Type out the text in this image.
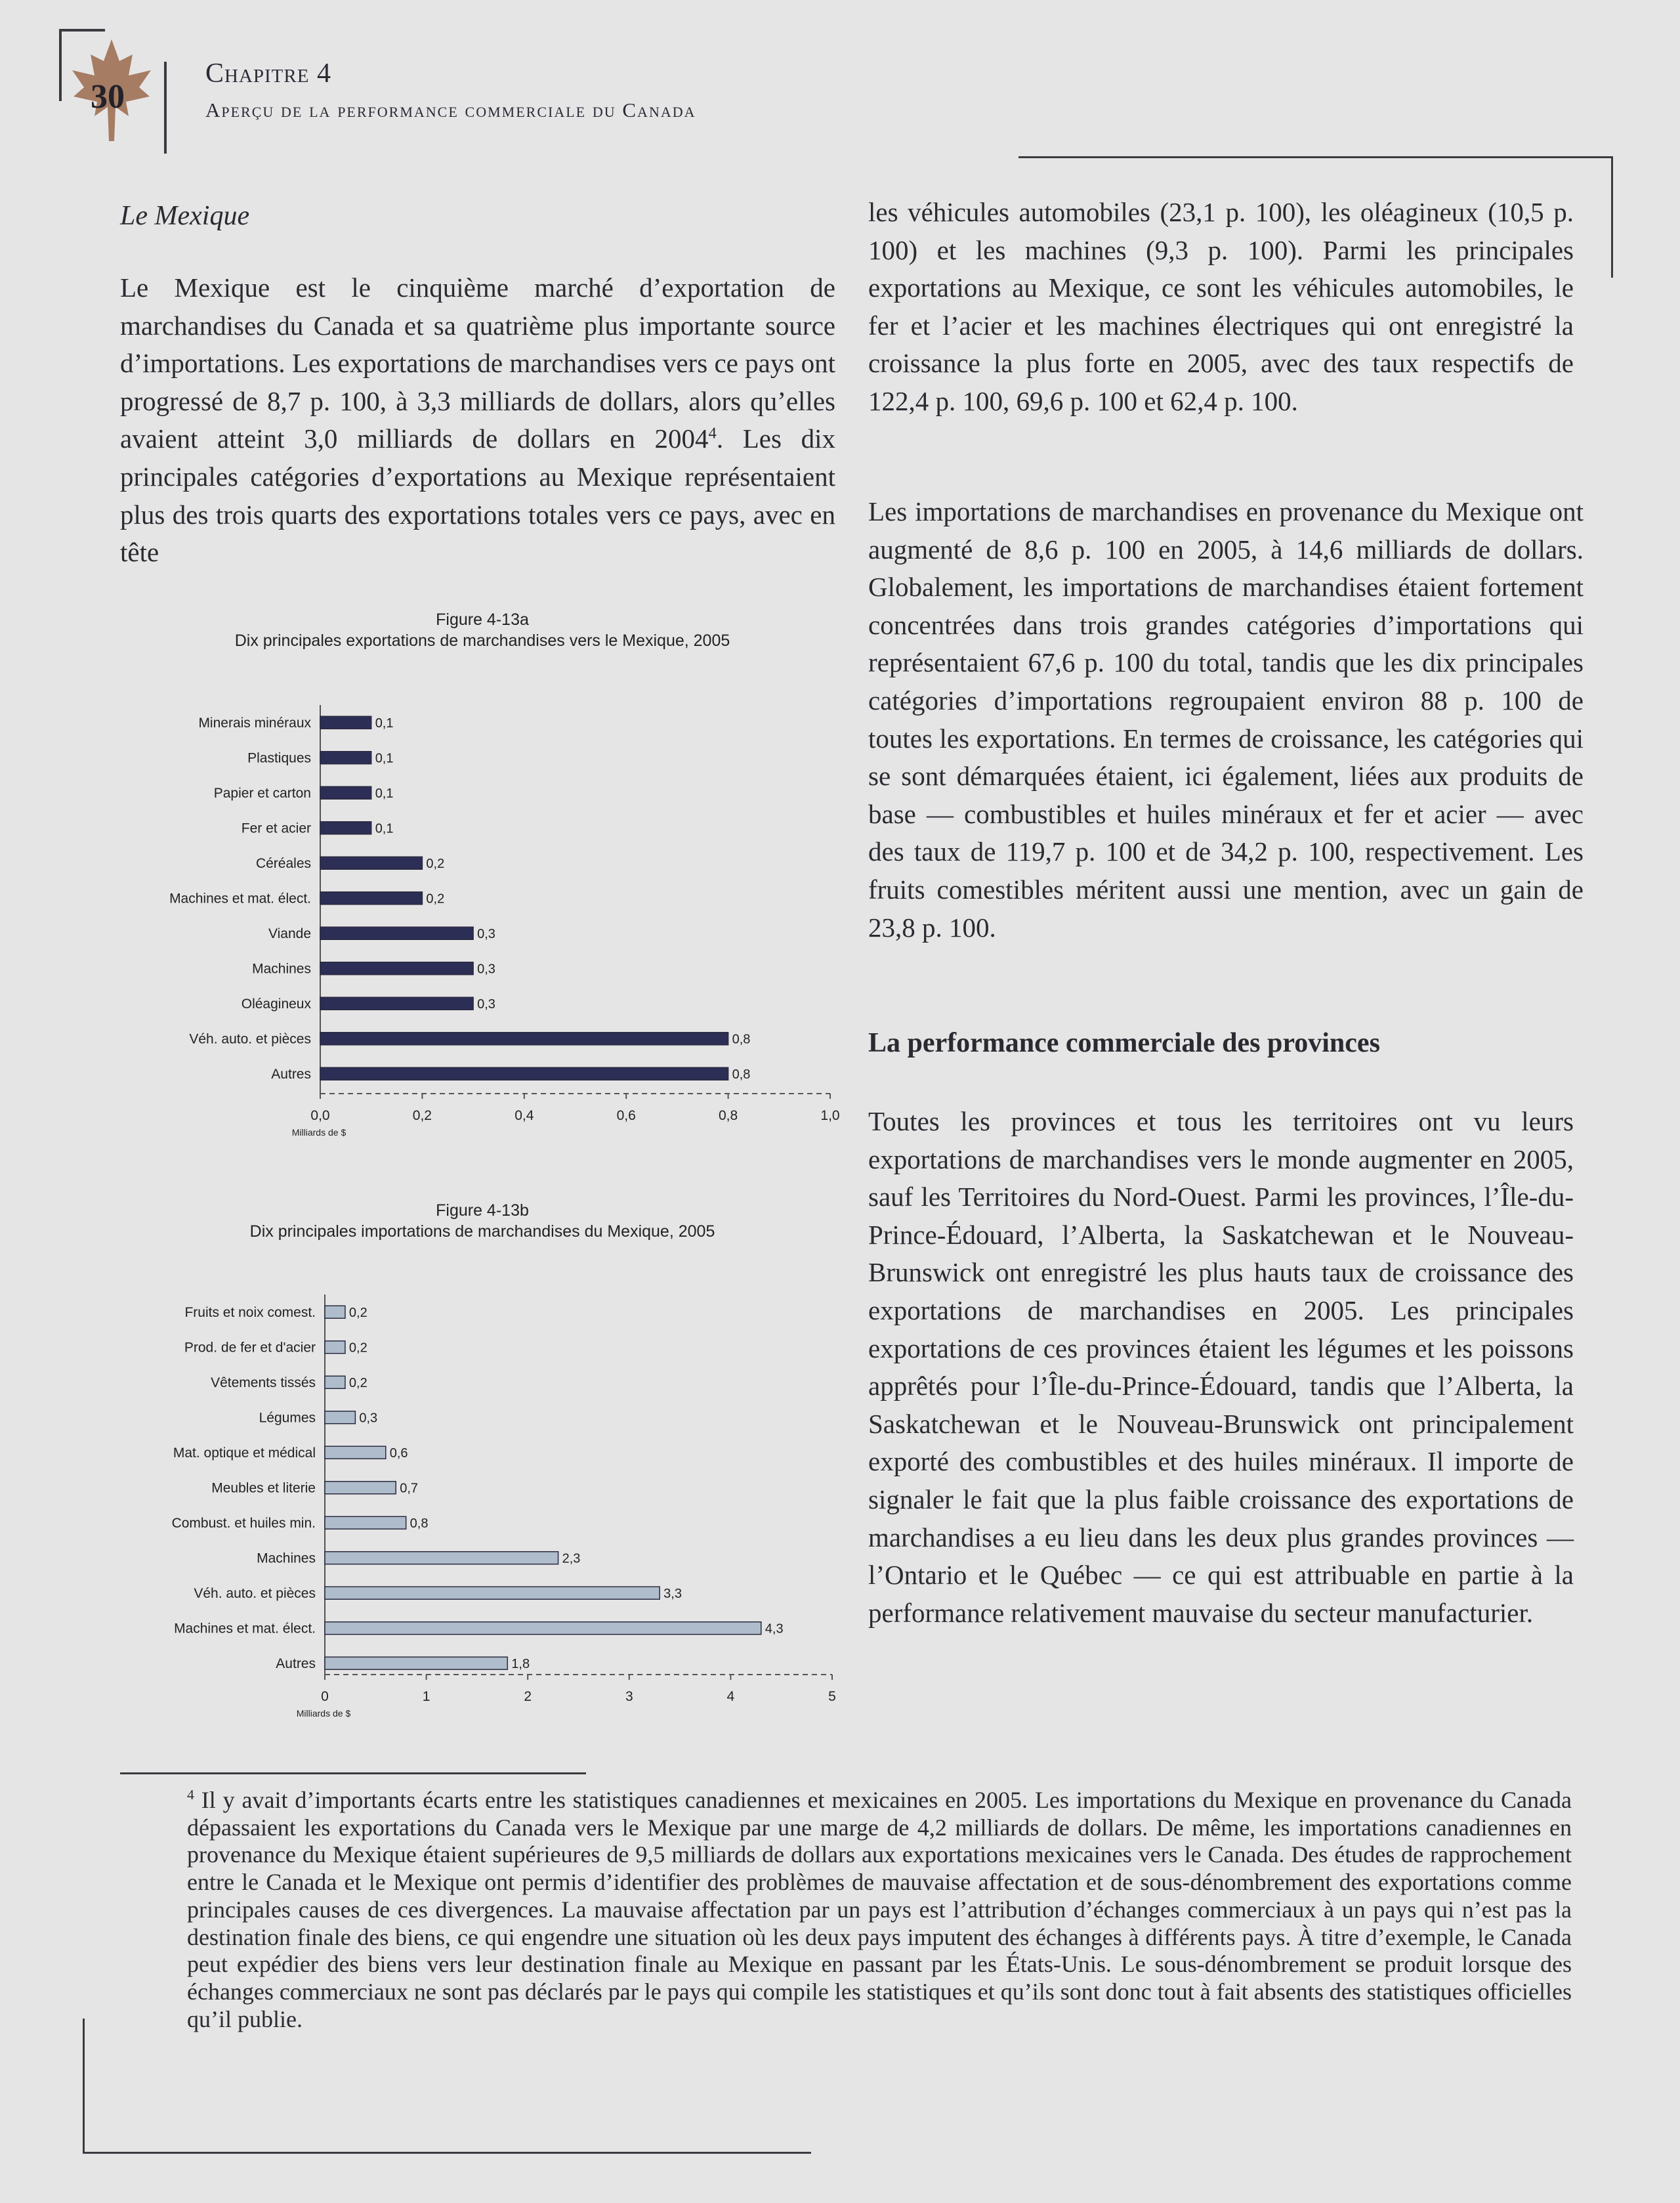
30
Chapitre 4
Aperçu de la performance commerciale du Canada
Le Mexique
Le Mexique est le cinquième marché d’exportation de marchandises du Canada et sa quatrième plus importante source d’importations. Les exportations de marchandises vers ce pays ont progressé de 8,7 p. 100, à 3,3 milliards de dollars, alors qu’elles avaient atteint 3,0 milliards de dollars en 2004$^4$. Les dix principales catégories d’exportations au Mexique représentaient plus des trois quarts des exportations totales vers ce pays, avec en tête
Figure 4-13a
Dix principales exportations de marchandises vers le Mexique, 2005
Minerais minéraux	0,1
Plastiques	0,1
Papier et carton	0,1
Fer et acier	0,1
Céréales	0,2
Machines et mat. élect.	0,2
Viande	0,3
Machines	0,3
Oléagineux	0,3
Véh. auto. et pièces	0,8
Autres	0,8
0,0	0,2	0,4	0,6	0,8	1,0
Milliards de $
Figure 4-13b
Dix principales importations de marchandises du Mexique, 2005
Fruits et noix comest.	0,2
Prod. de fer et d'acier	0,2
Vêtements tissés	0,2
Légumes	0,3
Mat. optique et médical	0,6
Meubles et literie	0,7
Combust. et huiles min.	0,8
Machines	2,3
Véh. auto. et pièces	3,3
Machines et mat. élect.	4,3
Autres	1,8
0	1	2	3	4	5
Milliards de $
les véhicules automobiles (23,1 p. 100), les oléagineux (10,5 p. 100) et les machines (9,3 p. 100). Parmi les principales exportations au Mexique, ce sont les véhicules automobiles, le fer et l’acier et les machines électriques qui ont enregistré la croissance la plus forte en 2005, avec des taux respectifs de 122,4 p. 100, 69,6 p. 100 et 62,4 p. 100.
Les importations de marchandises en provenance du Mexique ont augmenté de 8,6 p. 100 en 2005, à 14,6 milliards de dollars. Globalement, les importations de marchandises étaient fortement concentrées dans trois grandes catégories d’importations qui représentaient 67,6 p. 100 du total, tandis que les dix principales catégories d’importations regroupaient environ 88 p. 100 de toutes les exportations. En termes de croissance, les catégories qui se sont démarquées étaient, ici également, liées aux produits de base — combustibles et huiles minéraux et fer et acier — avec des taux de 119,7 p. 100 et de 34,2 p. 100, respectivement. Les fruits comestibles méritent aussi une mention, avec un gain de 23,8 p. 100.
La performance commerciale des provinces
Toutes les provinces et tous les territoires ont vu leurs exportations de marchandises vers le monde augmenter en 2005, sauf les Territoires du Nord-Ouest. Parmi les provinces, l’Île-du-Prince-Édouard, l’Alberta, la Saskatchewan et le Nouveau-Brunswick ont enregistré les plus hauts taux de croissance des exportations de marchandises en 2005. Les principales exportations de ces provinces étaient les légumes et les poissons apprêtés pour l’Île-du-Prince-Édouard, tandis que l’Alberta, la Saskatchewan et le Nouveau-Brunswick ont principalement exporté des combustibles et des huiles minéraux. Il importe de signaler le fait que la plus faible croissance des exportations de marchandises a eu lieu dans les deux plus grandes provinces — l’Ontario et le Québec — ce qui est attribuable en partie à la performance relativement mauvaise du secteur manufacturier.
$^4$ Il y avait d’importants écarts entre les statistiques canadiennes et mexicaines en 2005. Les importations du Mexique en provenance du Canada dépassaient les exportations du Canada vers le Mexique par une marge de 4,2 milliards de dollars. De même, les importations canadiennes en provenance du Mexique étaient supérieures de 9,5 milliards de dollars aux exportations mexicaines vers le Canada. Des études de rapprochement entre le Canada et le Mexique ont permis d’identifier des problèmes de mauvaise affectation et de sous-dénombrement des exportations comme principales causes de ces divergences. La mauvaise affectation par un pays est l’attribution d’échanges commerciaux à un pays qui n’est pas la destination finale des biens, ce qui engendre une situation où les deux pays imputent des échanges à différents pays. À titre d’exemple, le Canada peut expédier des biens vers leur destination finale au Mexique en passant par les États-Unis. Le sous-dénombrement se produit lorsque des échanges commerciaux ne sont pas déclarés par le pays qui compile les statistiques et qu’ils sont donc tout à fait absents des statistiques officielles qu’il publie.
